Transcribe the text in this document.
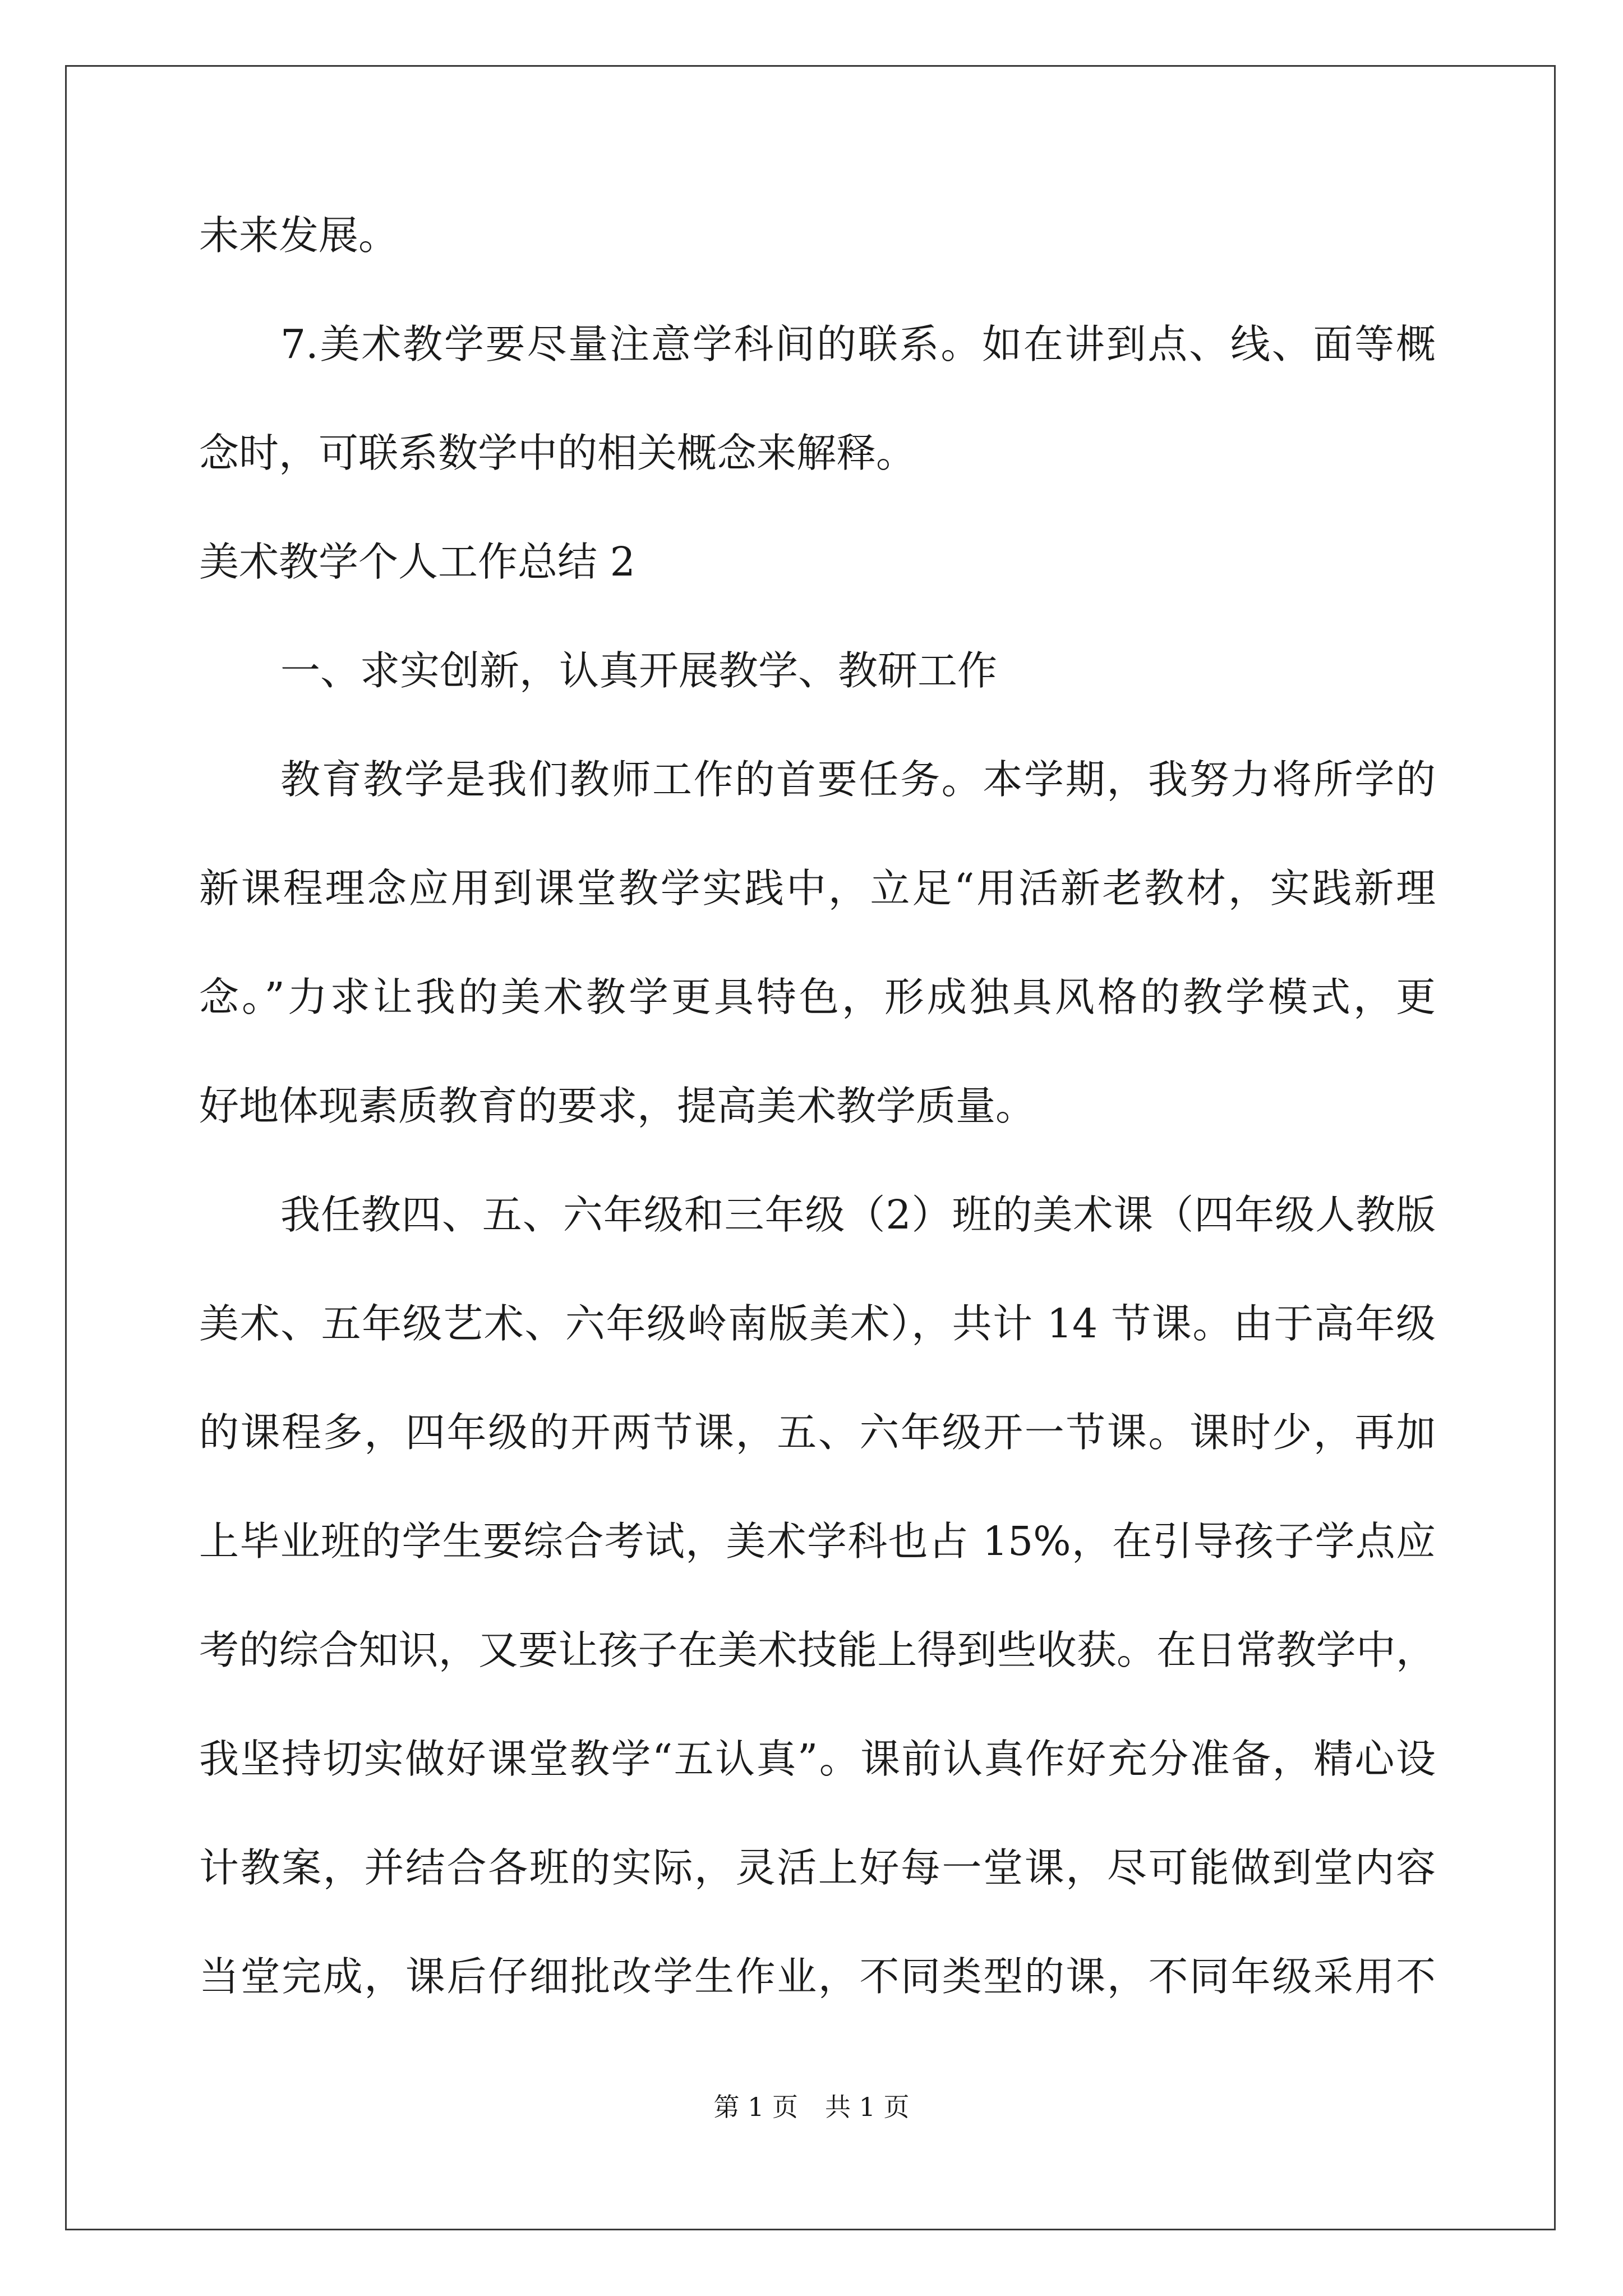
未来发展。

7.美术教学要尽量注意学科间的联系。如在讲到点、线、面等概

念时，可联系数学中的相关概念来解释。

美术教学个人工作总结 2

一、求实创新，认真开展教学、教研工作

教育教学是我们教师工作的首要任务。本学期，我努力将所学的

新课程理念应用到课堂教学实践中，立足“用活新老教材，实践新理

念。”力求让我的美术教学更具特色，形成独具风格的教学模式，更

好地体现素质教育的要求，提高美术教学质量。

我任教四、五、六年级和三年级（2）班的美术课（四年级人教版

美术、五年级艺术、六年级岭南版美术），共计 14 节课。由于高年级

的课程多，四年级的开两节课，五、六年级开一节课。课时少，再加

上毕业班的学生要综合考试，美术学科也占 15%，在引导孩子学点应

考的综合知识，又要让孩子在美术技能上得到些收获。在日常教学中，

我坚持切实做好课堂教学“五认真”。课前认真作好充分准备，精心设

计教案，并结合各班的实际，灵活上好每一堂课，尽可能做到堂内容

当堂完成，课后仔细批改学生作业，不同类型的课，不同年级采用不

第 1 页 共 1 页
